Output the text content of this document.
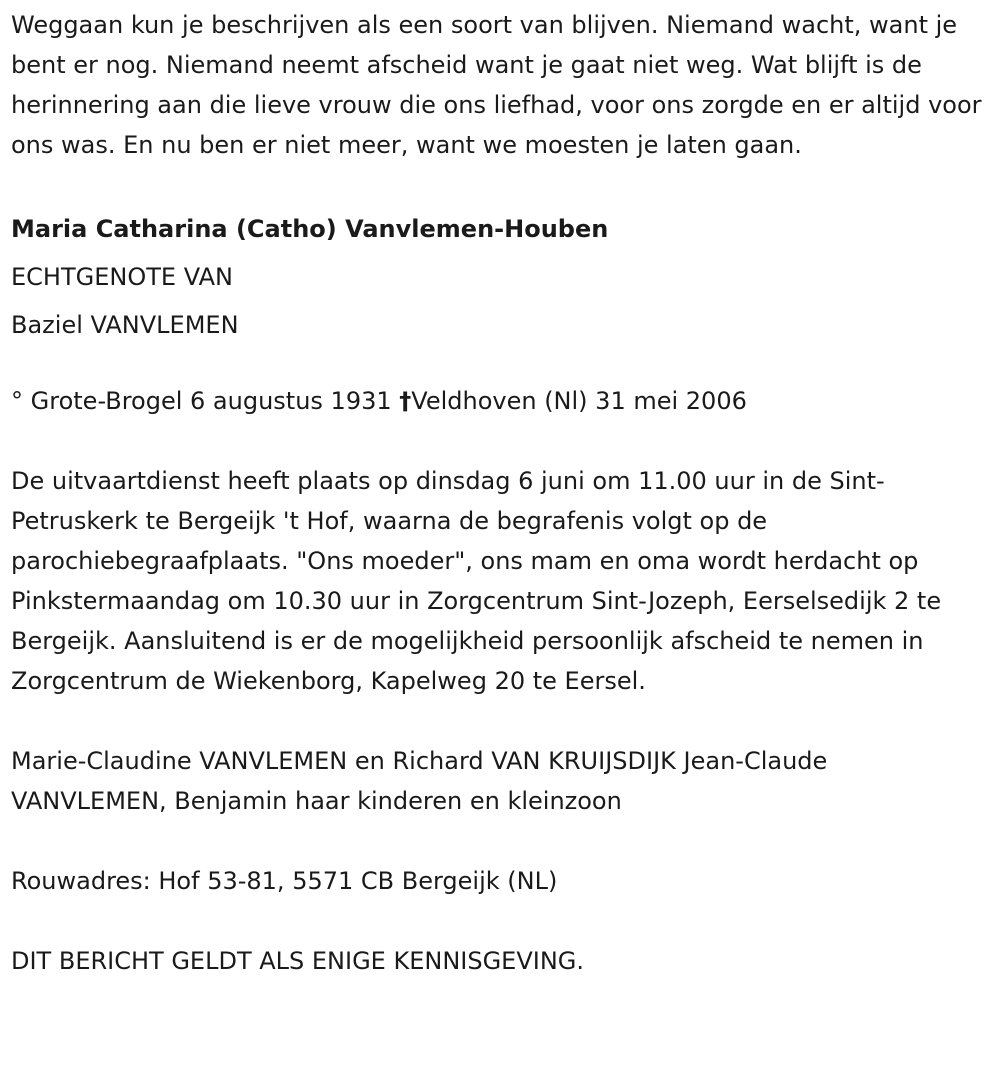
Weggaan kun je beschrijven als een soort van blijven. Niemand wacht, want je bent er nog. Niemand neemt afscheid want je gaat niet weg. Wat blijft is de herinnering aan die lieve vrouw die ons liefhad, voor ons zorgde en er altijd voor ons was. En nu ben er niet meer, want we moesten je laten gaan.

Maria Catharina (Catho) Vanvlemen-Houben

ECHTGENOTE VAN

Baziel VANVLEMEN

° Grote-Brogel 6 augustus 1931 †Veldhoven (Nl) 31 mei 2006

De uitvaartdienst heeft plaats op dinsdag 6 juni om 11.00 uur in de Sint-Petruskerk te Bergeijk 't Hof, waarna de begrafenis volgt op de parochiebegraafplaats. "Ons moeder", ons mam en oma wordt herdacht op Pinkstermaandag om 10.30 uur in Zorgcentrum Sint-Jozeph, Eerselsedijk 2 te Bergeijk. Aansluitend is er de mogelijkheid persoonlijk afscheid te nemen in Zorgcentrum de Wiekenborg, Kapelweg 20 te Eersel.

Marie-Claudine VANVLEMEN en Richard VAN KRUIJSDIJK Jean-Claude VANVLEMEN, Benjamin haar kinderen en kleinzoon

Rouwadres: Hof 53-81, 5571 CB Bergeijk (NL)

DIT BERICHT GELDT ALS ENIGE KENNISGEVING.
